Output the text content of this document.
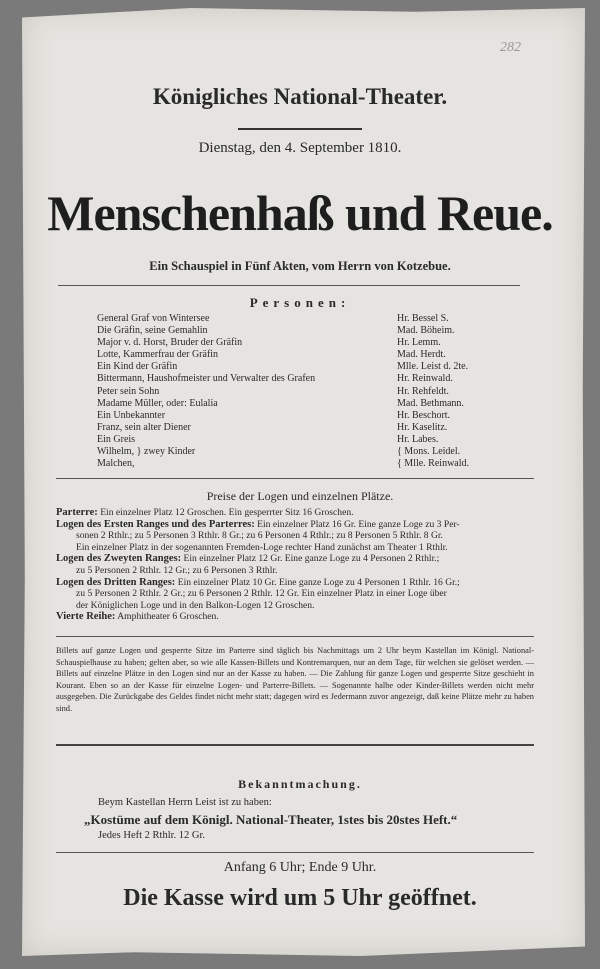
282
Königliches National-Theater.
Dienstag, den 4. September 1810.
Menschenhaß und Reue.
Ein Schauspiel in Fünf Akten, vom Herrn von Kotzebue.
Personen:
General Graf von Wintersee	Hr. Bessel S.
Die Gräfin, seine Gemahlin	Mad. Böheim.
Major v. d. Horst, Bruder der Gräfin	Hr. Lemm.
Lotte, Kammerfrau der Gräfin	Mad. Herdt.
Ein Kind der Gräfin	Mlle. Leist d. 2te.
Bittermann, Haushofmeister und Verwalter des Grafen	Hr. Reinwald.
Peter sein Sohn	Hr. Rehfeldt.
Madame Müller, oder: Eulalia	Mad. Bethmann.
Ein Unbekannter	Hr. Beschort.
Franz, sein alter Diener	Hr. Kaselitz.
Ein Greis	Hr. Labes.
Wilhelm, } zwey Kinder	{ Mons. Leidel.
Malchen,	{ Mlle. Reinwald.
Preise der Logen und einzelnen Plätze.
Parterre: Ein einzelner Platz 12 Groschen. Ein gesperrter Sitz 16 Groschen.
Logen des Ersten Ranges und des Parterres: Ein einzelner Platz 16 Gr. Eine ganze Loge zu 3 Per-
sonen 2 Rthlr.; zu 5 Personen 3 Rthlr. 8 Gr.; zu 6 Personen 4 Rthlr.; zu 8 Personen 5 Rthlr. 8 Gr.
Ein einzelner Platz in der sogenannten Fremden-Loge rechter Hand zunächst am Theater 1 Rthlr.
Logen des Zweyten Ranges: Ein einzelner Platz 12 Gr. Eine ganze Loge zu 4 Personen 2 Rthlr.;
zu 5 Personen 2 Rthlr. 12 Gr.; zu 6 Personen 3 Rthlr.
Logen des Dritten Ranges: Ein einzelner Platz 10 Gr. Eine ganze Loge zu 4 Personen 1 Rthlr. 16 Gr.;
zu 5 Personen 2 Rthlr. 2 Gr.; zu 6 Personen 2 Rthlr. 12 Gr. Ein einzelner Platz in einer Loge über
der Königlichen Loge und in den Balkon-Logen 12 Groschen.
Vierte Reihe: Amphitheater 6 Groschen.
Billets auf ganze Logen und gesperrte Sitze im Parterre sind täglich bis Nachmittags um 2 Uhr beym Kastellan im Königl. National-Schauspielhause zu haben; gelten aber, so wie alle Kassen-Billets und Kontremarquen, nur an dem Tage, für welchen sie gelöset werden. — Billets auf einzelne Plätze in den Logen sind nur an der Kasse zu haben. — Die Zahlung für ganze Logen und gesperrte Sitze geschieht in Kourant. Eben so an der Kasse für einzelne Logen- und Parterre-Billets. — Sogenannte halbe oder Kinder-Billets werden nicht mehr ausgegeben. Die Zurückgabe des Geldes findet nicht mehr statt; dagegen wird es Jedermann zuvor angezeigt, daß keine Plätze mehr zu haben sind.
Bekanntmachung.
Beym Kastellan Herrn Leist ist zu haben:
„Kostüme auf dem Königl. National-Theater, 1stes bis 20stes Heft.“
Jedes Heft 2 Rthlr. 12 Gr.
Anfang 6 Uhr; Ende 9 Uhr.
Die Kasse wird um 5 Uhr geöffnet.
